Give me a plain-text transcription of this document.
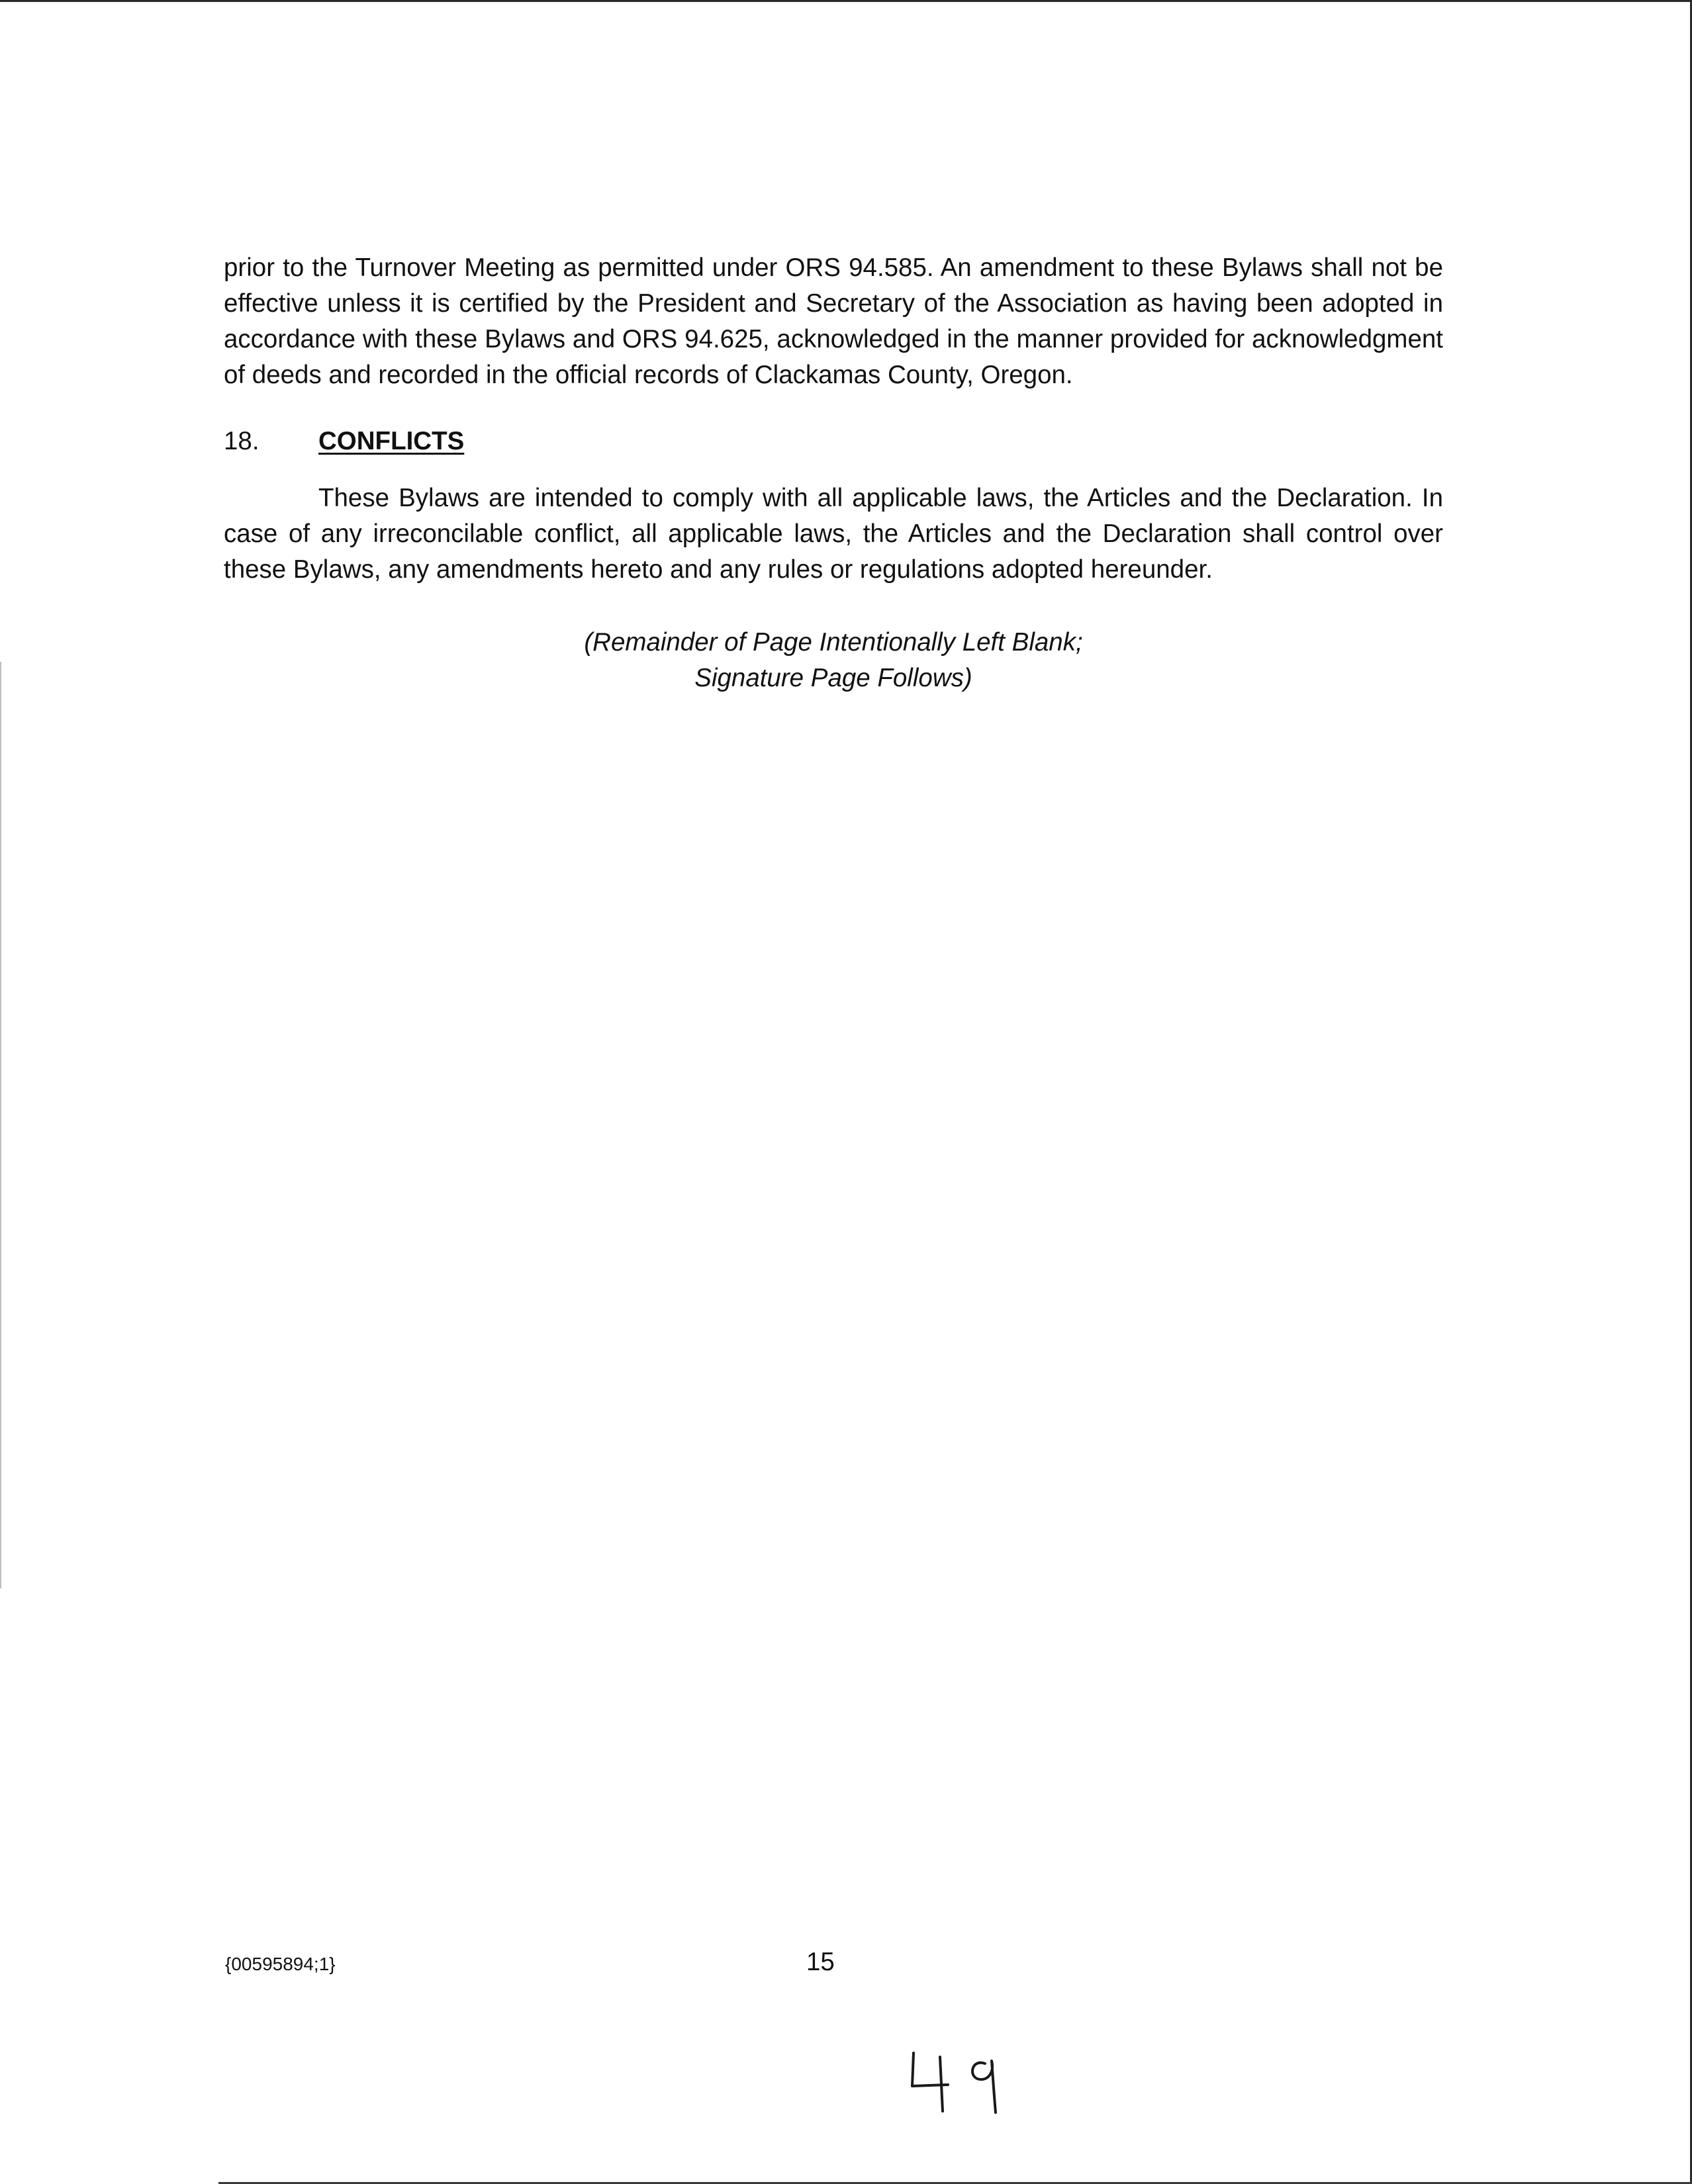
prior to the Turnover Meeting as permitted under ORS 94.585. An amendment to these Bylaws shall not be effective unless it is certified by the President and Secretary of the Association as having been adopted in accordance with these Bylaws and ORS 94.625, acknowledged in the manner provided for acknowledgment of deeds and recorded in the official records of Clackamas County, Oregon.

18. CONFLICTS

These Bylaws are intended to comply with all applicable laws, the Articles and the Declaration. In case of any irreconcilable conflict, all applicable laws, the Articles and the Declaration shall control over these Bylaws, any amendments hereto and any rules or regulations adopted hereunder.

(Remainder of Page Intentionally Left Blank;
Signature Page Follows)
{00595894;1}	15
